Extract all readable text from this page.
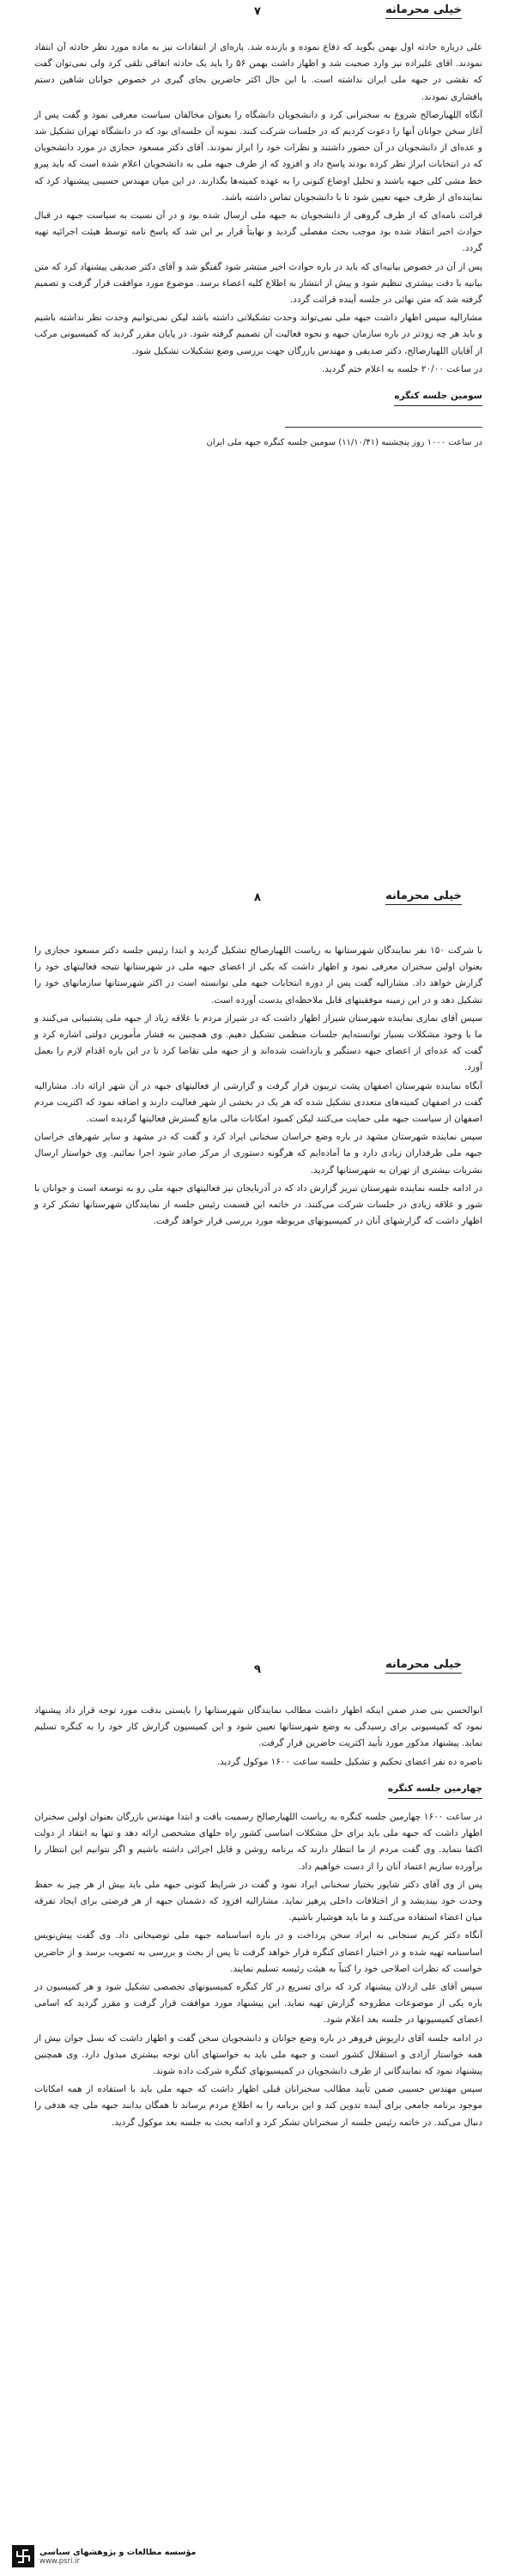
خیلی محرمانه
۷

علی درباره حادثه اول بهمن بگوید که دفاع نموده و بازنده شد. پاره‌ای از انتقادات نیز به ماده مورد نظر حادثه آن انتقاد نمودند. اقای علیزاده نیز وارد صحبت شد و اظهار داشت بهمن ۵۶ را باید یک حادثه اتفاقی تلقی کرد ولی نمی‌توان گفت که نقشی در جبهه ملی ایران نداشته است. با این حال اکثر حاضرین بجای گیری در خصوص جوانان شاهین دستم پافشاری نمودند.

آنگاه اللهیارصالح شروع به سخنرانی کرد و دانشجویان دانشگاه را بعنوان مخالفان سیاست معرفی نمود و گفت پس از آغاز سخن جوانان آنها را دعوت کردیم که در جلسات شرکت کنند. نمونه آن جلسه‌ای بود که در دانشگاه تهران تشکیل شد و عده‌ای از دانشجویان در آن حضور داشتند و نظرات خود را ابراز نمودند. آقای دکتر مسعود حجازی در مورد دانشجویان که در انتخابات ابراز نظر کرده بودند پاسخ داد و افزود که از طرف جبهه ملی به دانشجویان اعلام شده است که باید پیرو خط مشی کلی جبهه باشند و تحلیل اوضاع کنونی را به عهده کمیته‌ها بگذارند. در این میان مهندس حسیبی پیشنهاد کرد که نماینده‌ای از طرف جبهه تعیین شود تا با دانشجویان تماس داشته باشد.

قرائت نامه‌ای که از طرف گروهی از دانشجویان به جبهه ملی ارسال شده بود و در آن نسبت به سیاست جبهه در قبال حوادث اخیر انتقاد شده بود موجب بحث مفصلی گردید و نهایتاً قرار بر این شد که پاسخ نامه توسط هیئت اجرائیه تهیه گردد.

پس از آن در خصوص بیانیه‌ای که باید در باره حوادث اخیر منتشر شود گفتگو شد و آقای دکتر صدیقی پیشنهاد کرد که متن بیانیه با دقت بیشتری تنظیم شود و پیش از انتشار به اطلاع کلیه اعضاء برسد. موضوع مورد موافقت قرار گرفت و تصمیم گرفته شد که متن نهائی در جلسه آینده قرائت گردد.

مشارالیه سپس اظهار داشت جبهه ملی نمی‌تواند وحدت تشکیلاتی داشته باشد لیکن نمی‌توانیم وحدت نظر نداشته باشیم و باید هر چه زودتر در باره سازمان جبهه و نحوه فعالیت آن تصمیم گرفته شود. در پایان مقرر گردید که کمیسیونی مرکب از آقایان اللهیارصالح، دکتر صدیقی و مهندس بازرگان جهت بررسی وضع تشکیلات تشکیل شود.

در ساعت ۲۰/۰۰ جلسه به اعلام ختم گردید.

سومین جلسه کنگره

در ساعت ۱۰۰۰ روز پنجشنبه (۱۱/۱۰/۴۱) سومین جلسه کنگره جبهه ملی ایران

خیلی محرمانه
۸

با شرکت ۱۵۰ نفر نمایندگان شهرستانها به ریاست اللهیارصالح تشکیل گردید و ابتدا رئیس جلسه دکتر مسعود حجازی را بعنوان اولین سخنران معرفی نمود و اظهار داشت که یکی از اعضای جبهه ملی در شهرستانها نتیجه فعالیتهای خود را گزارش خواهد داد. مشارالیه گفت پس از دوره انتخابات جبهه ملی توانسته است در اکثر شهرستانها سازمانهای خود را تشکیل دهد و در این زمینه موفقیتهای قابل ملاحظه‌ای بدست آورده است.

سپس آقای نمازی نماینده شهرستان شیراز اظهار داشت که در شیراز مردم با علاقه زیاد از جبهه ملی پشتیبانی می‌کنند و ما با وجود مشکلات بسیار توانسته‌ایم جلسات منظمی تشکیل دهیم. وی همچنین به فشار مأمورین دولتی اشاره کرد و گفت که عده‌ای از اعضای جبهه دستگیر و بازداشت شده‌اند و از جبهه ملی تقاضا کرد تا در این باره اقدام لازم را بعمل آورد.

آنگاه نماینده شهرستان اصفهان پشت تریبون قرار گرفت و گزارشی از فعالیتهای جبهه در آن شهر ارائه داد. مشارالیه گفت در اصفهان کمیته‌های متعددی تشکیل شده که هر یک در بخشی از شهر فعالیت دارند و اضافه نمود که اکثریت مردم اصفهان از سیاست جبهه ملی حمایت می‌کنند لیکن کمبود امکانات مالی مانع گسترش فعالیتها گردیده است.

سپس نماینده شهرستان مشهد در باره وضع خراسان سخنانی ایراد کرد و گفت که در مشهد و سایر شهرهای خراسان جبهه ملی طرفداران زیادی دارد و ما آماده‌ایم که هرگونه دستوری از مرکز صادر شود اجرا نمائیم. وی خواستار ارسال نشریات بیشتری از تهران به شهرستانها گردید.

در ادامه جلسه نماینده شهرستان تبریز گزارش داد که در آذربایجان نیز فعالیتهای جبهه ملی رو به توسعه است و جوانان با شور و علاقه زیادی در جلسات شرکت می‌کنند. در خاتمه این قسمت رئیس جلسه از نمایندگان شهرستانها تشکر کرد و اظهار داشت که گزارشهای آنان در کمیسیونهای مربوطه مورد بررسی قرار خواهد گرفت.

خیلی محرمانه
۹

ابوالحسن بنی صدر ضمن اینکه اظهار داشت مطالب نمایندگان شهرستانها را بایستی بدقت مورد توجه قرار داد پیشنهاد نمود که کمیسیونی برای رسیدگی به وضع شهرستانها تعیین شود و این کمیسیون گزارش کار خود را به کنگره تسلیم نماید. پیشنهاد مذکور مورد تأیید اکثریت حاضرین قرار گرفت.

ناصره ده نفر اعضای تحکیم و تشکیل جلسه ساعت ۱۶۰۰ موکول گردید.

چهارمین جلسه کنگره

در ساعت ۱۶۰۰ چهارمین جلسه کنگره به ریاست اللهیارصالح رسمیت یافت و ابتدا مهندس بازرگان بعنوان اولین سخنران اظهار داشت که جبهه ملی باید برای حل مشکلات اساسی کشور راه حلهای مشخصی ارائه دهد و تنها به انتقاد از دولت اکتفا ننماید. وی گفت مردم از ما انتظار دارند که برنامه روشن و قابل اجرائی داشته باشیم و اگر نتوانیم این انتظار را برآورده سازیم اعتماد آنان را از دست خواهیم داد.

پس از وی آقای دکتر شاپور بختیار سخنانی ایراد نمود و گفت در شرایط کنونی جبهه ملی باید بیش از هر چیز به حفظ وحدت خود بیندیشد و از اختلافات داخلی پرهیز نماید. مشارالیه افزود که دشمنان جبهه از هر فرصتی برای ایجاد تفرقه میان اعضاء استفاده می‌کنند و ما باید هوشیار باشیم.

آنگاه دکتر کریم سنجابی به ایراد سخن پرداخت و در باره اساسنامه جبهه ملی توضیحاتی داد. وی گفت پیش‌نویس اساسنامه تهیه شده و در اختیار اعضای کنگره قرار خواهد گرفت تا پس از بحث و بررسی به تصویب برسد و از حاضرین خواست که نظرات اصلاحی خود را کتباً به هیئت رئیسه تسلیم نمایند.

سپس آقای علی اردلان پیشنهاد کرد که برای تسریع در کار کنگره کمیسیونهای تخصصی تشکیل شود و هر کمیسیون در باره یکی از موضوعات مطروحه گزارش تهیه نماید. این پیشنهاد مورد موافقت قرار گرفت و مقرر گردید که اسامی اعضای کمیسیونها در جلسه بعد اعلام شود.

در ادامه جلسه آقای داریوش فروهر در باره وضع جوانان و دانشجویان سخن گفت و اظهار داشت که نسل جوان بیش از همه خواستار آزادی و استقلال کشور است و جبهه ملی باید به خواستهای آنان توجه بیشتری مبذول دارد. وی همچنین پیشنهاد نمود که نمایندگانی از طرف دانشجویان در کمیسیونهای کنگره شرکت داده شوند.

سپس مهندس حسیبی ضمن تأیید مطالب سخنرانان قبلی اظهار داشت که جبهه ملی باید با استفاده از همه امکانات موجود برنامه جامعی برای آینده تدوین کند و این برنامه را به اطلاع مردم برساند تا همگان بدانند جبهه ملی چه هدفی را دنبال می‌کند. در خاتمه رئیس جلسه از سخنرانان تشکر کرد و ادامه بحث به جلسه بعد موکول گردید.

مؤسسه مطالعات و پژوهشهای سیاسی
www.psri.ir
